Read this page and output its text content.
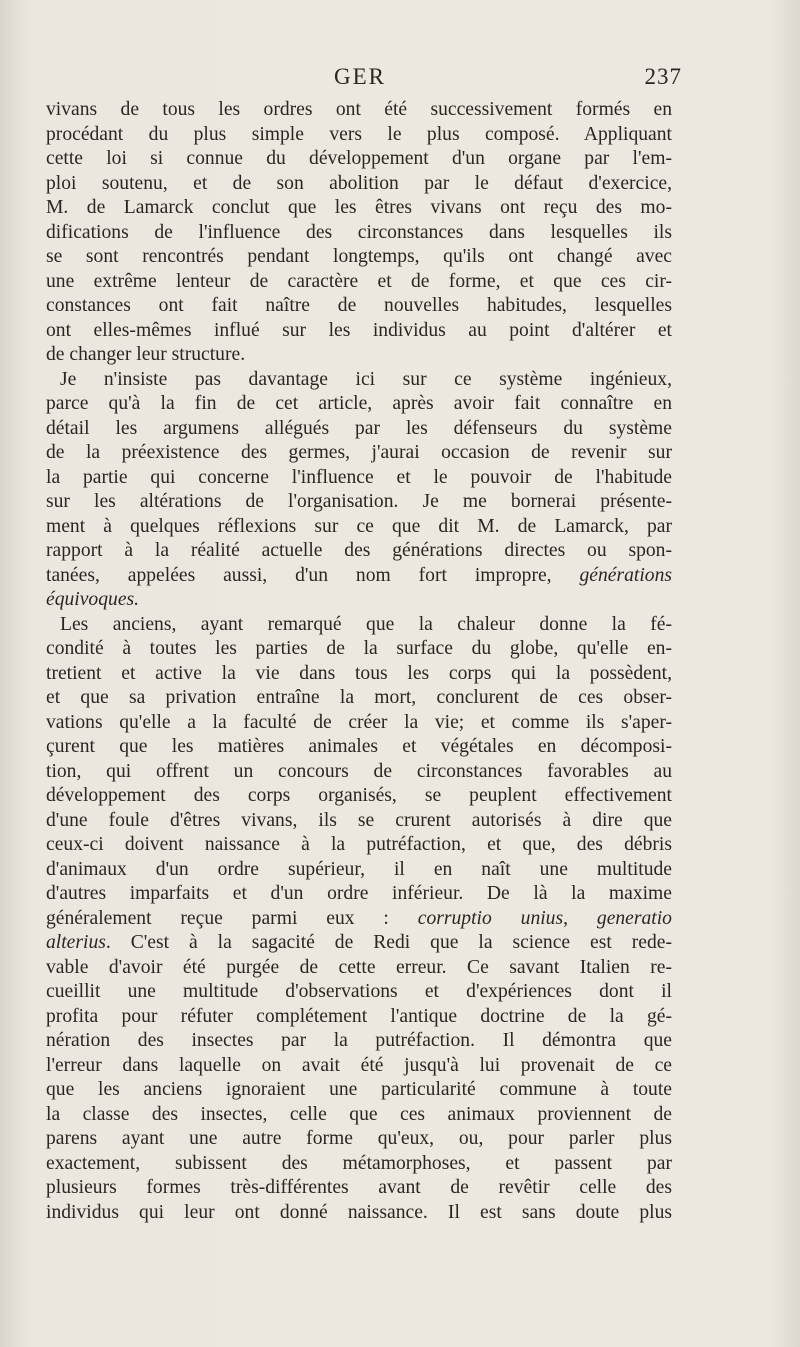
GER	237
vivans de tous les ordres ont été successivement formés en
procédant du plus simple vers le plus composé. Appliquant
cette loi si connue du développement d'un organe par l'em-
ploi soutenu, et de son abolition par le défaut d'exercice,
M. de Lamarck conclut que les êtres vivans ont reçu des mo-
difications de l'influence des circonstances dans lesquelles ils
se sont rencontrés pendant longtemps, qu'ils ont changé avec
une extrême lenteur de caractère et de forme, et que ces cir-
constances ont fait naître de nouvelles habitudes, lesquelles
ont elles-mêmes influé sur les individus au point d'altérer et
de changer leur structure.
Je n'insiste pas davantage ici sur ce système ingénieux,
parce qu'à la fin de cet article, après avoir fait connaître en
détail les argumens allégués par les défenseurs du système
de la préexistence des germes, j'aurai occasion de revenir sur
la partie qui concerne l'influence et le pouvoir de l'habitude
sur les altérations de l'organisation. Je me bornerai présente-
ment à quelques réflexions sur ce que dit M. de Lamarck, par
rapport à la réalité actuelle des générations directes ou spon-
tanées, appelées aussi, d'un nom fort impropre, générations
équivoques.
Les anciens, ayant remarqué que la chaleur donne la fé-
condité à toutes les parties de la surface du globe, qu'elle en-
tretient et active la vie dans tous les corps qui la possèdent,
et que sa privation entraîne la mort, conclurent de ces obser-
vations qu'elle a la faculté de créer la vie; et comme ils s'aper-
çurent que les matières animales et végétales en décomposi-
tion, qui offrent un concours de circonstances favorables au
développement des corps organisés, se peuplent effectivement
d'une foule d'êtres vivans, ils se crurent autorisés à dire que
ceux-ci doivent naissance à la putréfaction, et que, des débris
d'animaux d'un ordre supérieur, il en naît une multitude
d'autres imparfaits et d'un ordre inférieur. De là la maxime
généralement reçue parmi eux : corruptio unius, generatio
alterius. C'est à la sagacité de Redi que la science est rede-
vable d'avoir été purgée de cette erreur. Ce savant Italien re-
cueillit une multitude d'observations et d'expériences dont il
profita pour réfuter complétement l'antique doctrine de la gé-
nération des insectes par la putréfaction. Il démontra que
l'erreur dans laquelle on avait été jusqu'à lui provenait de ce
que les anciens ignoraient une particularité commune à toute
la classe des insectes, celle que ces animaux proviennent de
parens ayant une autre forme qu'eux, ou, pour parler plus
exactement, subissent des métamorphoses, et passent par
plusieurs formes très-différentes avant de revêtir celle des
individus qui leur ont donné naissance. Il est sans doute plus
